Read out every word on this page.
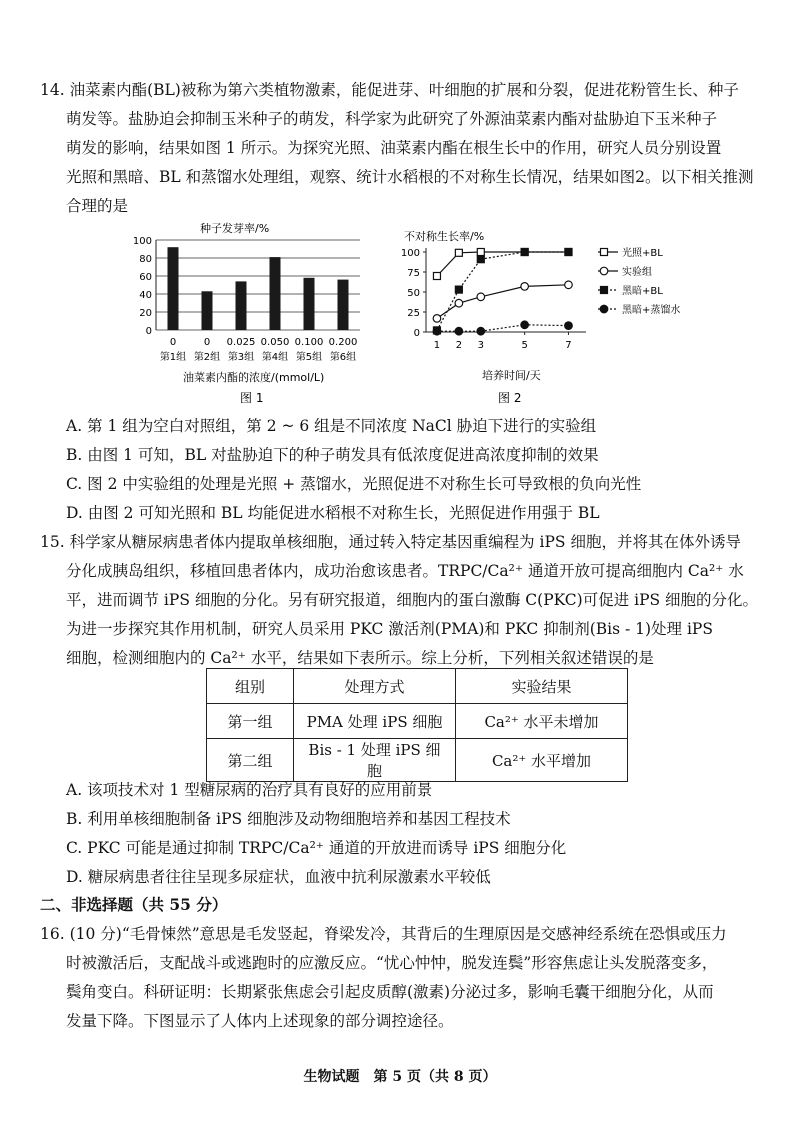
14. 油菜素内酯(BL)被称为第六类植物激素，能促进芽、叶细胞的扩展和分裂，促进花粉管生长、种子
萌发等。盐胁迫会抑制玉米种子的萌发，科学家为此研究了外源油菜素内酯对盐胁迫下玉米种子
萌发的影响，结果如图 1 所示。为探究光照、油菜素内酯在根生长中的作用，研究人员分别设置
光照和黑暗、BL 和蒸馏水处理组，观察、统计水稻根的不对称生长情况，结果如图2。以下相关推测
合理的是
种子发芽率/%
0
20
40
60
80
100
0
第1组
0
第2组
0.025
第3组
0.050
第4组
0.100
第5组
0.200
第6组
油菜素内酯的浓度/(mmol/L)
图 1
不对称生长率/%
0
25
50
75
100
1 2 3	5	7
光照+BL
实验组
黑暗+BL
黑暗+蒸馏水
培养时间/天
图 2
A. 第 1 组为空白对照组，第 2 ~ 6 组是不同浓度 NaCl 胁迫下进行的实验组
B. 由图 1 可知，BL 对盐胁迫下的种子萌发具有低浓度促进高浓度抑制的效果
C. 图 2 中实验组的处理是光照 + 蒸馏水，光照促进不对称生长可导致根的负向光性
D. 由图 2 可知光照和 BL 均能促进水稻根不对称生长，光照促进作用强于 BL
15. 科学家从糖尿病患者体内提取单核细胞，通过转入特定基因重编程为 iPS 细胞，并将其在体外诱导
分化成胰岛组织，移植回患者体内，成功治愈该患者。TRPC/Ca²⁺ 通道开放可提高细胞内 Ca²⁺ 水
平，进而调节 iPS 细胞的分化。另有研究报道，细胞内的蛋白激酶 C(PKC)可促进 iPS 细胞的分化。
为进一步探究其作用机制，研究人员采用 PKC 激活剂(PMA)和 PKC 抑制剂(Bis - 1)处理 iPS
细胞，检测细胞内的 Ca²⁺ 水平，结果如下表所示。综上分析，下列相关叙述错误的是
组别	处理方式	实验结果
第一组	PMA 处理 iPS 细胞	Ca²⁺ 水平未增加
第二组	Bis - 1 处理 iPS 细胞	Ca²⁺ 水平增加
A. 该项技术对 1 型糖尿病的治疗具有良好的应用前景
B. 利用单核细胞制备 iPS 细胞涉及动物细胞培养和基因工程技术
C. PKC 可能是通过抑制 TRPC/Ca²⁺ 通道的开放进而诱导 iPS 细胞分化
D. 糖尿病患者往往呈现多尿症状，血液中抗利尿激素水平较低
二、非选择题（共 55 分）
16. (10 分)“毛骨悚然”意思是毛发竖起，脊梁发冷，其背后的生理原因是交感神经系统在恐惧或压力
时被激活后，支配战斗或逃跑时的应激反应。“忧心忡忡，脱发连鬓”形容焦虑让头发脱落变多，
鬓角变白。科研证明：长期紧张焦虑会引起皮质醇(激素)分泌过多，影响毛囊干细胞分化，从而
发量下降。下图显示了人体内上述现象的部分调控途径。
生物试题　第 5 页（共 8 页）
